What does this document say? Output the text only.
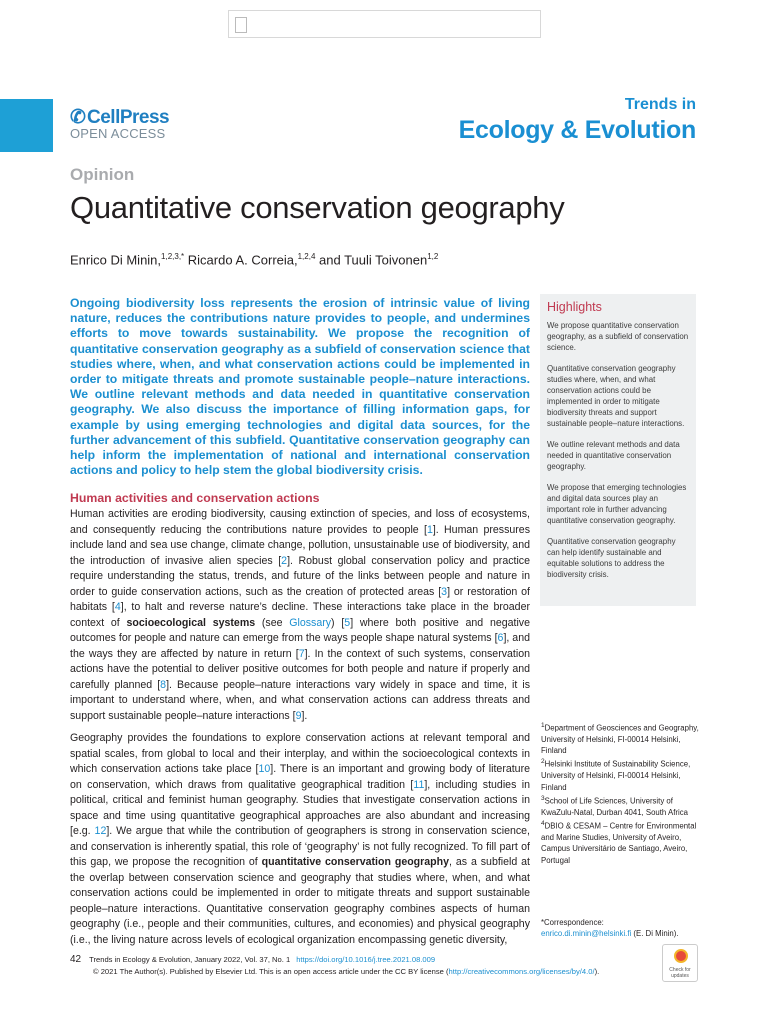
✆ CellPress
OPEN ACCESS
Trends in
Ecology & Evolution
Opinion
Quantitative conservation geography
Enrico Di Minin,$^{1,2,3,*}$ Ricardo A. Correia,$^{1,2,4}$ and Tuuli Toivonen$^{1,2}$
Ongoing biodiversity loss represents the erosion of intrinsic value of living nature, reduces the contributions nature provides to people, and undermines efforts to move towards sustainability. We propose the recognition of quantitative conservation geography as a subfield of conservation science that studies where, when, and what conservation actions could be implemented in order to mitigate threats and promote sustainable people–nature interactions. We outline relevant methods and data needed in quantitative conservation geography. We also discuss the importance of filling information gaps, for example by using emerging technologies and digital data sources, for the further advancement of this subfield. Quantitative conservation geography can help inform the implementation of national and international conservation actions and policy to help stem the global biodiversity crisis.
Highlights

We propose quantitative conservation geography, as a subfield of conservation science.

Quantitative conservation geography studies where, when, and what conservation actions could be implemented in order to mitigate biodiversity threats and support sustainable people–nature interactions.

We outline relevant methods and data needed in quantitative conservation geography.

We propose that emerging technologies and digital data sources play an important role in further advancing quantitative conservation geography.

Quantitative conservation geography can help identify sustainable and equitable solutions to address the biodiversity crisis.

Human activities and conservation actions

Human activities are eroding biodiversity, causing extinction of species, and loss of ecosystems, and consequently reducing the contributions nature provides to people [1]. Human pressures include land and sea use change, climate change, pollution, unsustainable use of biodiversity, and the introduction of invasive alien species [2]. Robust global conservation policy and practice require understanding the status, trends, and future of the links between people and nature in order to guide conservation actions, such as the creation of protected areas [3] or restoration of habitats [4], to halt and reverse nature’s decline. These interactions take place in the broader context of socioecological systems (see Glossary) [5] where both positive and negative outcomes for people and nature can emerge from the ways people shape natural systems [6], and the ways they are affected by nature in return [7]. In the context of such systems, conservation actions have the potential to deliver positive outcomes for both people and nature if properly and carefully planned [8]. Because people–nature interactions vary widely in space and time, it is important to understand where, when, and what conservation actions can address threats and support sustainable people–nature interactions [9].

Geography provides the foundations to explore conservation actions at relevant temporal and spatial scales, from global to local and their interplay, and within the socioecological contexts in which conservation actions take place [10]. There is an important and growing body of literature on conservation, which draws from qualitative geographical tradition [11], including studies in political, critical and feminist human geography. Studies that investigate conservation actions in space and time using quantitative geographical approaches are also abundant and increasing [e.g. 12]. We argue that while the contribution of geographers is strong in conservation science, and conservation is inherently spatial, this role of ‘geography’ is not fully recognized. To fill part of this gap, we propose the recognition of quantitative conservation geography, as a subfield at the overlap between conservation science and geography that studies where, when, and what conservation actions could be implemented in order to mitigate threats and support sustainable people–nature interactions. Quantitative conservation geography combines aspects of human geography (i.e., people and their communities, cultures, and economies) and physical geography (i.e., the living nature across levels of ecological organization encompassing genetic diversity,

$^1$Department of Geosciences and Geography, University of Helsinki, FI-00014 Helsinki, Finland
$^2$Helsinki Institute of Sustainability Science, University of Helsinki, FI-00014 Helsinki, Finland
$^3$School of Life Sciences, University of KwaZulu-Natal, Durban 4041, South Africa
$^4$DBIO & CESAM – Centre for Environmental and Marine Studies, University of Aveiro, Campus Universitário de Santiago, Aveiro, Portugal
*Correspondence:
enrico.di.minin@helsinki.fi (E. Di Minin).
42 Trends in Ecology & Evolution, January 2022, Vol. 37, No. 1 https://doi.org/10.1016/j.tree.2021.08.009
© 2021 The Author(s). Published by Elsevier Ltd. This is an open access article under the CC BY license (http://creativecommons.org/licenses/by/4.0/).	Check for
updates
